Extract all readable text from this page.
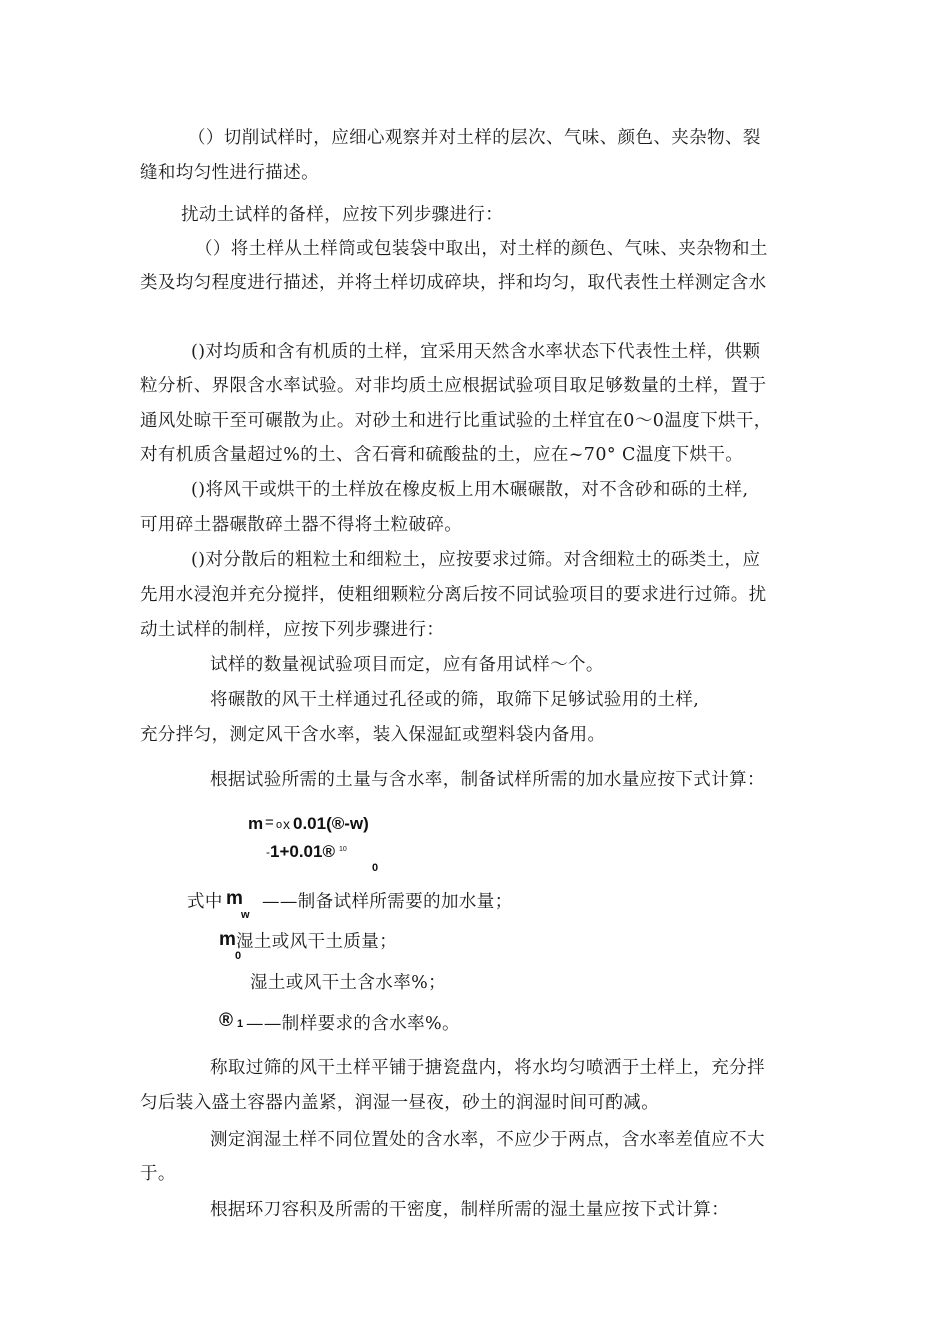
（）切削试样时，应细心观察并对土样的层次、气味、颜色、夹杂物、裂
缝和均匀性进行描述。
扰动土试样的备样，应按下列步骤进行：
（）将土样从土样筒或包装袋中取出，对土样的颜色、气味、夹杂物和土
类及均匀程度进行描述，并将土样切成碎块，拌和均匀，取代表性土样测定含水
()对均质和含有机质的土样，宜采用天然含水率状态下代表性土样，供颗
粒分析、界限含水率试验。对非均质土应根据试验项目取足够数量的土样，置于
通风处晾干至可碾散为止。对砂土和进行比重试验的土样宜在0〜0温度下烘干，
对有机质含量超过%的土、含石膏和硫酸盐的土，应在~70° C温度下烘干。
()将风干或烘干的土样放在橡皮板上用木碾碾散，对不含砂和砾的土样,
可用碎土器碾散碎土器不得将土粒破碎。
()对分散后的粗粒土和细粒土，应按要求过筛。对含细粒土的砾类土，应
先用水浸泡并充分搅拌，使粗细颗粒分离后按不同试验项目的要求进行过筛。扰
动土试样的制样，应按下列步骤进行：
试样的数量视试验项目而定，应有备用试样〜个。
将碾散的风干土样通过孔径或的筛，取筛下足够试验用的土样,
充分拌匀，测定风干含水率，装入保湿缸或塑料袋内备用。
根据试验所需的土量与含水率，制备试样所需的加水量应按下式计算：
m = o x 0.01(®-w)
- 1+0.01® 10
0
式中 m
w
——制备试样所需要的加水量；
m
0
湿土或风干土质量；
湿土或风干土含水率%；
® 1 ——制样要求的含水率%。
称取过筛的风干土样平铺于搪瓷盘内，将水均匀喷洒于土样上，充分拌
匀后装入盛土容器内盖紧，润湿一昼夜，砂土的润湿时间可酌减。
测定润湿土样不同位置处的含水率，不应少于两点，含水率差值应不大
于。
根据环刀容积及所需的干密度，制样所需的湿土量应按下式计算：
